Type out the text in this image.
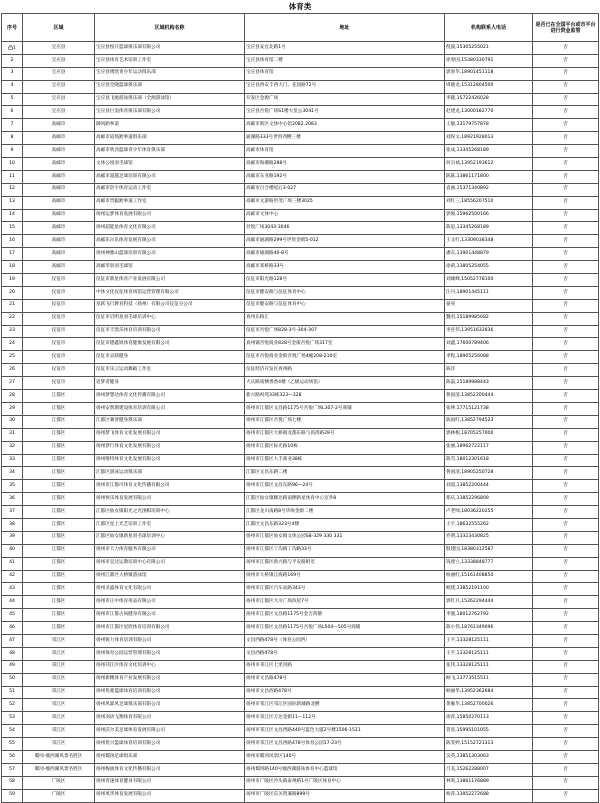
体育类
序号	区域	区域机构名称	地址	机构联系人电话	是否已在全国平台或市平台进行资金监管
1	宝应县	宝应县悦开篮球俱乐部有限公司	宝应县安宜北路1号	倪波,15305255021	否
2	宝应县	宝应县体育艺术培训工作室	宝应县体育馆二楼	徐春国,15380330791	否
3	宝应县	宝应县博凯青少年运动俱乐部	宝应县体育馆	郭春华,18901451118	否
4	宝应县	宝应县全隆篮球俱乐部	宝应县西安丰西大门、花园路72号	周晓龙,15312804500	否
5	宝应县	宝应县飞驰游泳俱乐部（全源游泳馆）	开发区金源广场	李隆,15722426028	否
6	宝应县	宝应县巨浪体育俱乐部有限公司	宝应县吾悦广场S1楼大堂公3041号	赵建龙,13000182770	否
7	高邮市	御风跆拳道	高邮市新区文体中心馆2082.2083	王敏,13179757878	否
8	高邮市	高邮市道场跆拳道俱乐部	通湖路333号世贸西侧三楼	刘俣文,18921928013	否
9	高邮市	高邮市欣劲篮球青少年体育俱乐部	高邮市体育馆	张成,13345268189	否
10	高邮市	文体公园羽毛球馆	高邮市海潮路288号	何宗祯,13952193612	否
11	高邮市	高邮市超越足球培训有限公司	高邮市东亚路192号	陈陈,13861171800	否
12	高邮市	高邮市浩宇体育运动工作室	高邮市百合楼屋后3-027	袁丽,15371340892	否
13	高邮市	高邮市晋聪跆拳道工作室	高邮市文游路世茂广场三楼3025	刘红三,18556207510	否
14	高邮市	扬州运梦体育发展有限公司	高邮市文体中心	郭俊,15962500166	否
15	高邮市	扬州超能星体育文化有限公司	吾悦广场3043-3046	陈思,13345268189	否
16	高邮市	高邮乐尔乐体育发展有限公司	高邮市通湖路299号世贸金街5-012	王文红,13309038348	否
17	高邮市	扬州神鼎山篮球培训有限公司	高邮市通湖路40-8号	潘东,13901448879	否
18	高邮市	高邮华羽羽毛球馆	高邮市邓桥路33号	徐莉,13805254055	否
19	仪征市	仪征市新星体育产业发展有限公司	仪征市阳光路128号	刘雄峰,15052778100	否
20	仪征市	中体文化仪征体育场馆运营管理有限公司	仪征市健安路与仪征体育中心	汪丹,18901445111	否
21	仪征市	星跃飞行教育科技（扬州）有限公司仪征分公司	仪征市健安路与仪征体育中心	晏亮	否
22	仪征市	仪征市启明星羽毛球培训中心	真州东路汇	魏君,15189985682	否
23	仪征市	仪征市丰凯乐体育培训有限公司	仪征市吾悦广场828-3号-304-307	李连伟,13951632836	否
24	仪征市	仪征市德鑫锐体育健康发展有限公司	真州镇吾悦商业828号金街吾悦广场317室	刘鑫,17600789406	否
25	仪征市	仪征市灵跃健身	仪征市吾悦商业金街吾悦广场4幢208-210室	李程,18905256088	否
26	仪征市	仪征市乐云运动舞蹈工作室	仪征经济开发区真州路	陈洋	否
27	仪征市	追梦者健身	大庆路南侧香香4楼（乙级运动场馆）	陈磊,15189988443	否
28	江都区	扬州梦想达体育文化传播有限公司	新兴路祝苑33栋323—328	鲁国清,13852200444	否
29	江都区	扬州安然斯建设体育培训有限公司	扬州市江都区文昌路1175号吾悦广场L307-2号商铺	张坤,17715121738	否
30	江都区	江都区赛普健身俱乐部	扬州市江都区吾悦广场七楼	陈国红,13852794523	否
31	江都区	扬州梦飞体育文化发展有限公司	扬州市江都区大桥镇龙都东路与高湾路28号	郭林根,18705257000	否
32	江都区	扬州梦行体育文化发展有限公司	扬州市江都区际光路10栋	张丽,18962722117	否
33	江都区	扬州维特体育文化发展有限公司	扬州市江都区大丰商业38栋	陈雪,18012301618	否
34	江都区	江都区游泳运动俱乐部	江都区文昌东路二楼	鲁国清,18905250728	否
35	江都区	扬州市江都可体育文化传播有限公司	扬州市江都区文昌东路96—24号	刘超,13852200444	否
36	江都区	扬州快乐体育发展有限公司	江都区仙女镇顺达路南侧新星体育中心室外8	郑庆,13852296809	否
37	江都区	江都区仙女镇阳光之光围棋培训中心	江都区龙川南路8号华海金街二楼	卢老师,18036220255	否
38	江都区	江都区星上光艺培训工作室	江都区文昌东路323号4楼	王宇,18632555262	否
39	江都区	江都区仙女镇新星羽毛球培训中心	扬州市江都区仙女镇文体公园S8-329 330 331	乔明,13323430825	否
40	江都区	扬州市天力体育服务有限公司	扬州市江都区丁沟镇丁沟路33号	殷建国,18380312587	否
41	江都区	扬州市宜达运教培训中心有限公司	扬州市江都区新兴路与平安路附近	钱建立,13338848777	否
42	江都区	扬州江都区大桥镇游泳馆	扬州市大桥镇江海路169号	杨丽红,15161408850	否
43	江都区	扬州圣盛体育文化有限公司	扬州市江都区汽车站路343号	顾建,13852191100	否
44	江都区	扬州市正中体育用品有限公司	扬州市江都区大川广场滨屋7号	郭红兵,15262294444	否
45	江都区	扬州市江都古尚健身有限公司	扬州市江都区文昌路1175号金吉荷塘	李强,18012762792	否
46	江都区	扬州市江都区星欣体育培训有限公司	扬州市江都区文昌路1175号吾悦广场L504—505号商铺	陈小伟,18761349096	否
47	邗江区	扬州锐力体育培训有限公司	文昌西路478号（体育公园西）	王平,13328125111	否
48	邗江区	扬州体育公园运营管理有限公司	文昌西路478号	王平,13328125111	否
49	邗江区	扬州邗江区体育文化培训中心	扬州市邗江区七里河路	张伟,13328125111	否
50	邗江区	扬州新精体育产业发展有限公司	扬州市文昌路478号	顾飞,13773515511	否
51	邗江区	扬州优蒙篮球体育培训有限公司	扬州市文昌西路478号	顾丽华,13952362684	否
52	邗江区	扬州风暴风足球俱乐部有限公司	扬州市邗江区邗江区国际新城路北侧	黄雁华,13852700026	否
53	邗江区	扬州羽动飞翔体育有限公司	扬州市邗江区万达金街11—112号	徐萍,15850270113	否
54	邗江区	扬州沃尔美足球体育发展有限公司	扬州市邗江区文昌西路440号蓝色大厦2号楼1506-1511	管彦,15995101055	否
55	邗江区	扬州优兴篮球体育培训有限公司	扬州市邗江区文昌西路478号体育公园17-23号	陈雯婷,15152721313	否
56	蜀冈-瘦西湖风景名胜区	扬州蜀冈足球俱乐部	扬州市蜀冈风景区140号	吴英,13851303063	否
57	蜀冈-瘦西湖风景名胜区	扬州梅油体育文化传播有限公司	扬州蜀冈路140号瘦西湖游泳体育中心篮球馆	吕美,15262288007	否
58	广陵区	扬州青速体育健身有限公司	扬州市广陵区沙头镇泰州路1号广陵区体育中心	林爽,13861176889	否
59	广陵区	扬州凤华体育发展有限公司	扬州市广陵区东关资兼路899号	杨萍,13952272688	否
